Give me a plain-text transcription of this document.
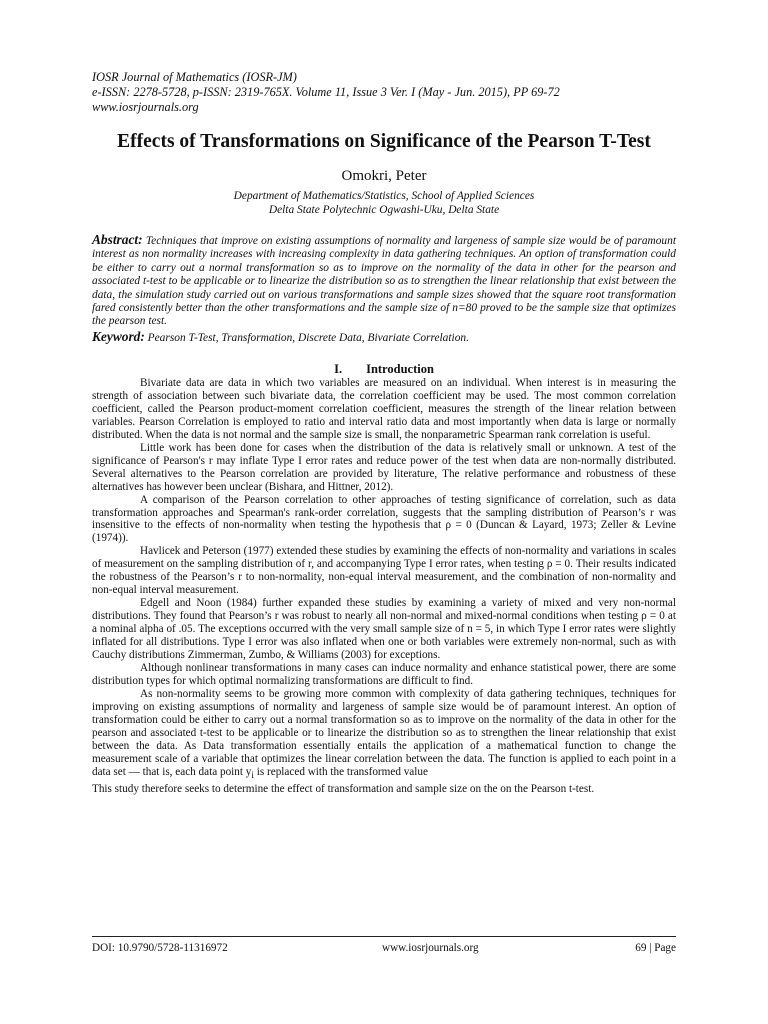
IOSR Journal of Mathematics (IOSR-JM)
e-ISSN: 2278-5728, p-ISSN: 2319-765X. Volume 11, Issue 3 Ver. I (May - Jun. 2015), PP 69-72
www.iosrjournals.org
Effects of Transformations on Significance of the Pearson T-Test
Omokri, Peter
Department of Mathematics/Statistics, School of Applied Sciences
Delta State Polytechnic Ogwashi-Uku, Delta State
Abstract: Techniques that improve on existing assumptions of normality and largeness of sample size would be of paramount interest as non normality increases with increasing complexity in data gathering techniques. An option of transformation could be either to carry out a normal transformation so as to improve on the normality of the data in other for the pearson and associated t-test to be applicable or to linearize the distribution so as to strengthen the linear relationship that exist between the data, the simulation study carried out on various transformations and sample sizes showed that the square root transformation fared consistently better than the other transformations and the sample size of n=80 proved to be the sample size that optimizes the pearson test.
Keyword: Pearson T-Test, Transformation, Discrete Data, Bivariate Correlation.
I. Introduction

Bivariate data are data in which two variables are measured on an individual. When interest is in measuring the strength of association between such bivariate data, the correlation coefficient may be used. The most common correlation coefficient, called the Pearson product-moment correlation coefficient, measures the strength of the linear relation between variables. Pearson Correlation is employed to ratio and interval ratio data and most importantly when data is large or normally distributed. When the data is not normal and the sample size is small, the nonparametric Spearman rank correlation is useful.

Little work has been done for cases when the distribution of the data is relatively small or unknown. A test of the significance of Pearson's r may inflate Type I error rates and reduce power of the test when data are non-normally distributed. Several alternatives to the Pearson correlation are provided by literature, The relative performance and robustness of these alternatives has however been unclear (Bishara, and Hittner, 2012).

A comparison of the Pearson correlation to other approaches of testing significance of correlation, such as data transformation approaches and Spearman's rank-order correlation, suggests that the sampling distribution of Pearson’s r was insensitive to the effects of non-normality when testing the hypothesis that ρ = 0 (Duncan & Layard, 1973; Zeller & Levine (1974)).

Havlicek and Peterson (1977) extended these studies by examining the effects of non-normality and variations in scales of measurement on the sampling distribution of r, and accompanying Type I error rates, when testing ρ = 0. Their results indicated the robustness of the Pearson’s r to non-normality, non-equal interval measurement, and the combination of non-normality and non-equal interval measurement.

Edgell and Noon (1984) further expanded these studies by examining a variety of mixed and very non-normal distributions. They found that Pearson’s r was robust to nearly all non-normal and mixed-normal conditions when testing ρ = 0 at a nominal alpha of .05. The exceptions occurred with the very small sample size of n = 5, in which Type I error rates were slightly inflated for all distributions. Type I error was also inflated when one or both variables were extremely non-normal, such as with Cauchy distributions Zimmerman, Zumbo, & Williams (2003) for exceptions.

Although nonlinear transformations in many cases can induce normality and enhance statistical power, there are some distribution types for which optimal normalizing transformations are difficult to find.

As non-normality seems to be growing more common with complexity of data gathering techniques, techniques for improving on existing assumptions of normality and largeness of sample size would be of paramount interest. An option of transformation could be either to carry out a normal transformation so as to improve on the normality of the data in other for the pearson and associated t-test to be applicable or to linearize the distribution so as to strengthen the linear relationship that exist between the data. As Data transformation essentially entails the application of a mathematical function to change the measurement scale of a variable that optimizes the linear correlation between the data. The function is applied to each point in a data set — that is, each data point $y_i$ is replaced with the transformed value

This study therefore seeks to determine the effect of transformation and sample size on the on the Pearson t-test.

DOI: 10.9790/5728-11316972	www.iosrjournals.org	69 | Page
